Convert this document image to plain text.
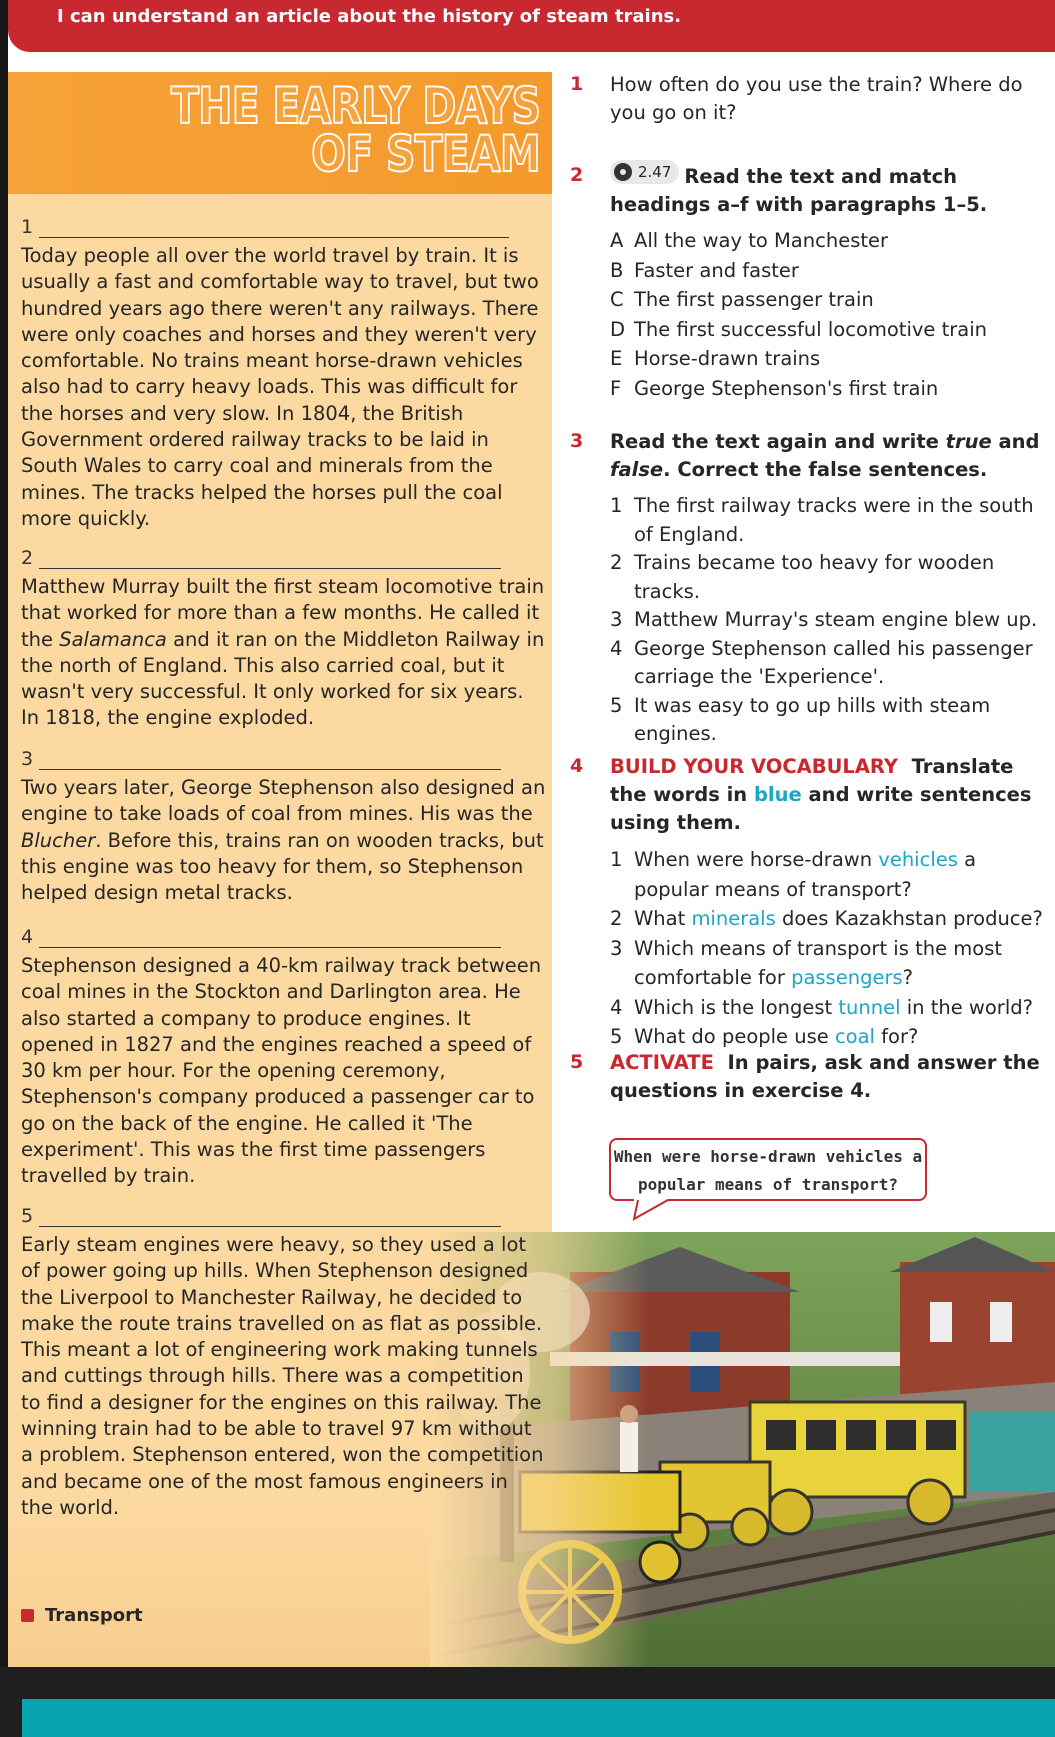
I can understand an article about the history of steam trains.
THE EARLY DAYS
OF STEAM
1
Today people all over the world travel by train. It is usually a fast and comfortable way to travel, but two hundred years ago there weren't any railways. There were only coaches and horses and they weren't very comfortable. No trains meant horse-drawn vehicles also had to carry heavy loads. This was difficult for the horses and very slow. In 1804, the British Government ordered railway tracks to be laid in South Wales to carry coal and minerals from the mines. The tracks helped the horses pull the coal more quickly.
2
Matthew Murray built the first steam locomotive train that worked for more than a few months. He called it the Salamanca and it ran on the Middleton Railway in the north of England. This also carried coal, but it wasn't very successful. It only worked for six years. In 1818, the engine exploded.
3
Two years later, George Stephenson also designed an engine to take loads of coal from mines. His was the Blucher. Before this, trains ran on wooden tracks, but this engine was too heavy for them, so Stephenson helped design metal tracks.
4
Stephenson designed a 40-km railway track between coal mines in the Stockton and Darlington area. He also started a company to produce engines. It opened in 1827 and the engines reached a speed of 30 km per hour. For the opening ceremony, Stephenson's company produced a passenger car to go on the back of the engine. He called it 'The experiment'. This was the first time passengers travelled by train.
5
Early steam engines were heavy, so they used a lot of power going up hills. When Stephenson designed the Liverpool to Manchester Railway, he decided to make the route trains travelled on as flat as possible. This meant a lot of engineering work making tunnels and cuttings through hills. There was a competition to find a designer for the engines on this railway. The winning train had to be able to travel 97 km without a problem. Stephenson entered, won the competition and became one of the most famous engineers in the world.
Transport
1 How often do you use the train? Where do you go on it?
2	2.47 Read the text and match headings a–f with paragraphs 1–5.
A All the way to Manchester
B Faster and faster
C The first passenger train
D The first successful locomotive train
E Horse-drawn trains
F George Stephenson's first train
3 Read the text again and write true and false. Correct the false sentences.
1 The first railway tracks were in the south of England.
2 Trains became too heavy for wooden tracks.
3 Matthew Murray's steam engine blew up.
4 George Stephenson called his passenger carriage the 'Experience'.
5 It was easy to go up hills with steam engines.
4 BUILD YOUR VOCABULARY Translate the words in blue and write sentences using them.
1 When were horse-drawn vehicles a popular means of transport?
2 What minerals does Kazakhstan produce?
3 Which means of transport is the most comfortable for passengers?
4 Which is the longest tunnel in the world?
5 What do people use coal for?
5 ACTIVATE In pairs, ask and answer the questions in exercise 4.
When were horse-drawn vehicles a
popular means of transport?
